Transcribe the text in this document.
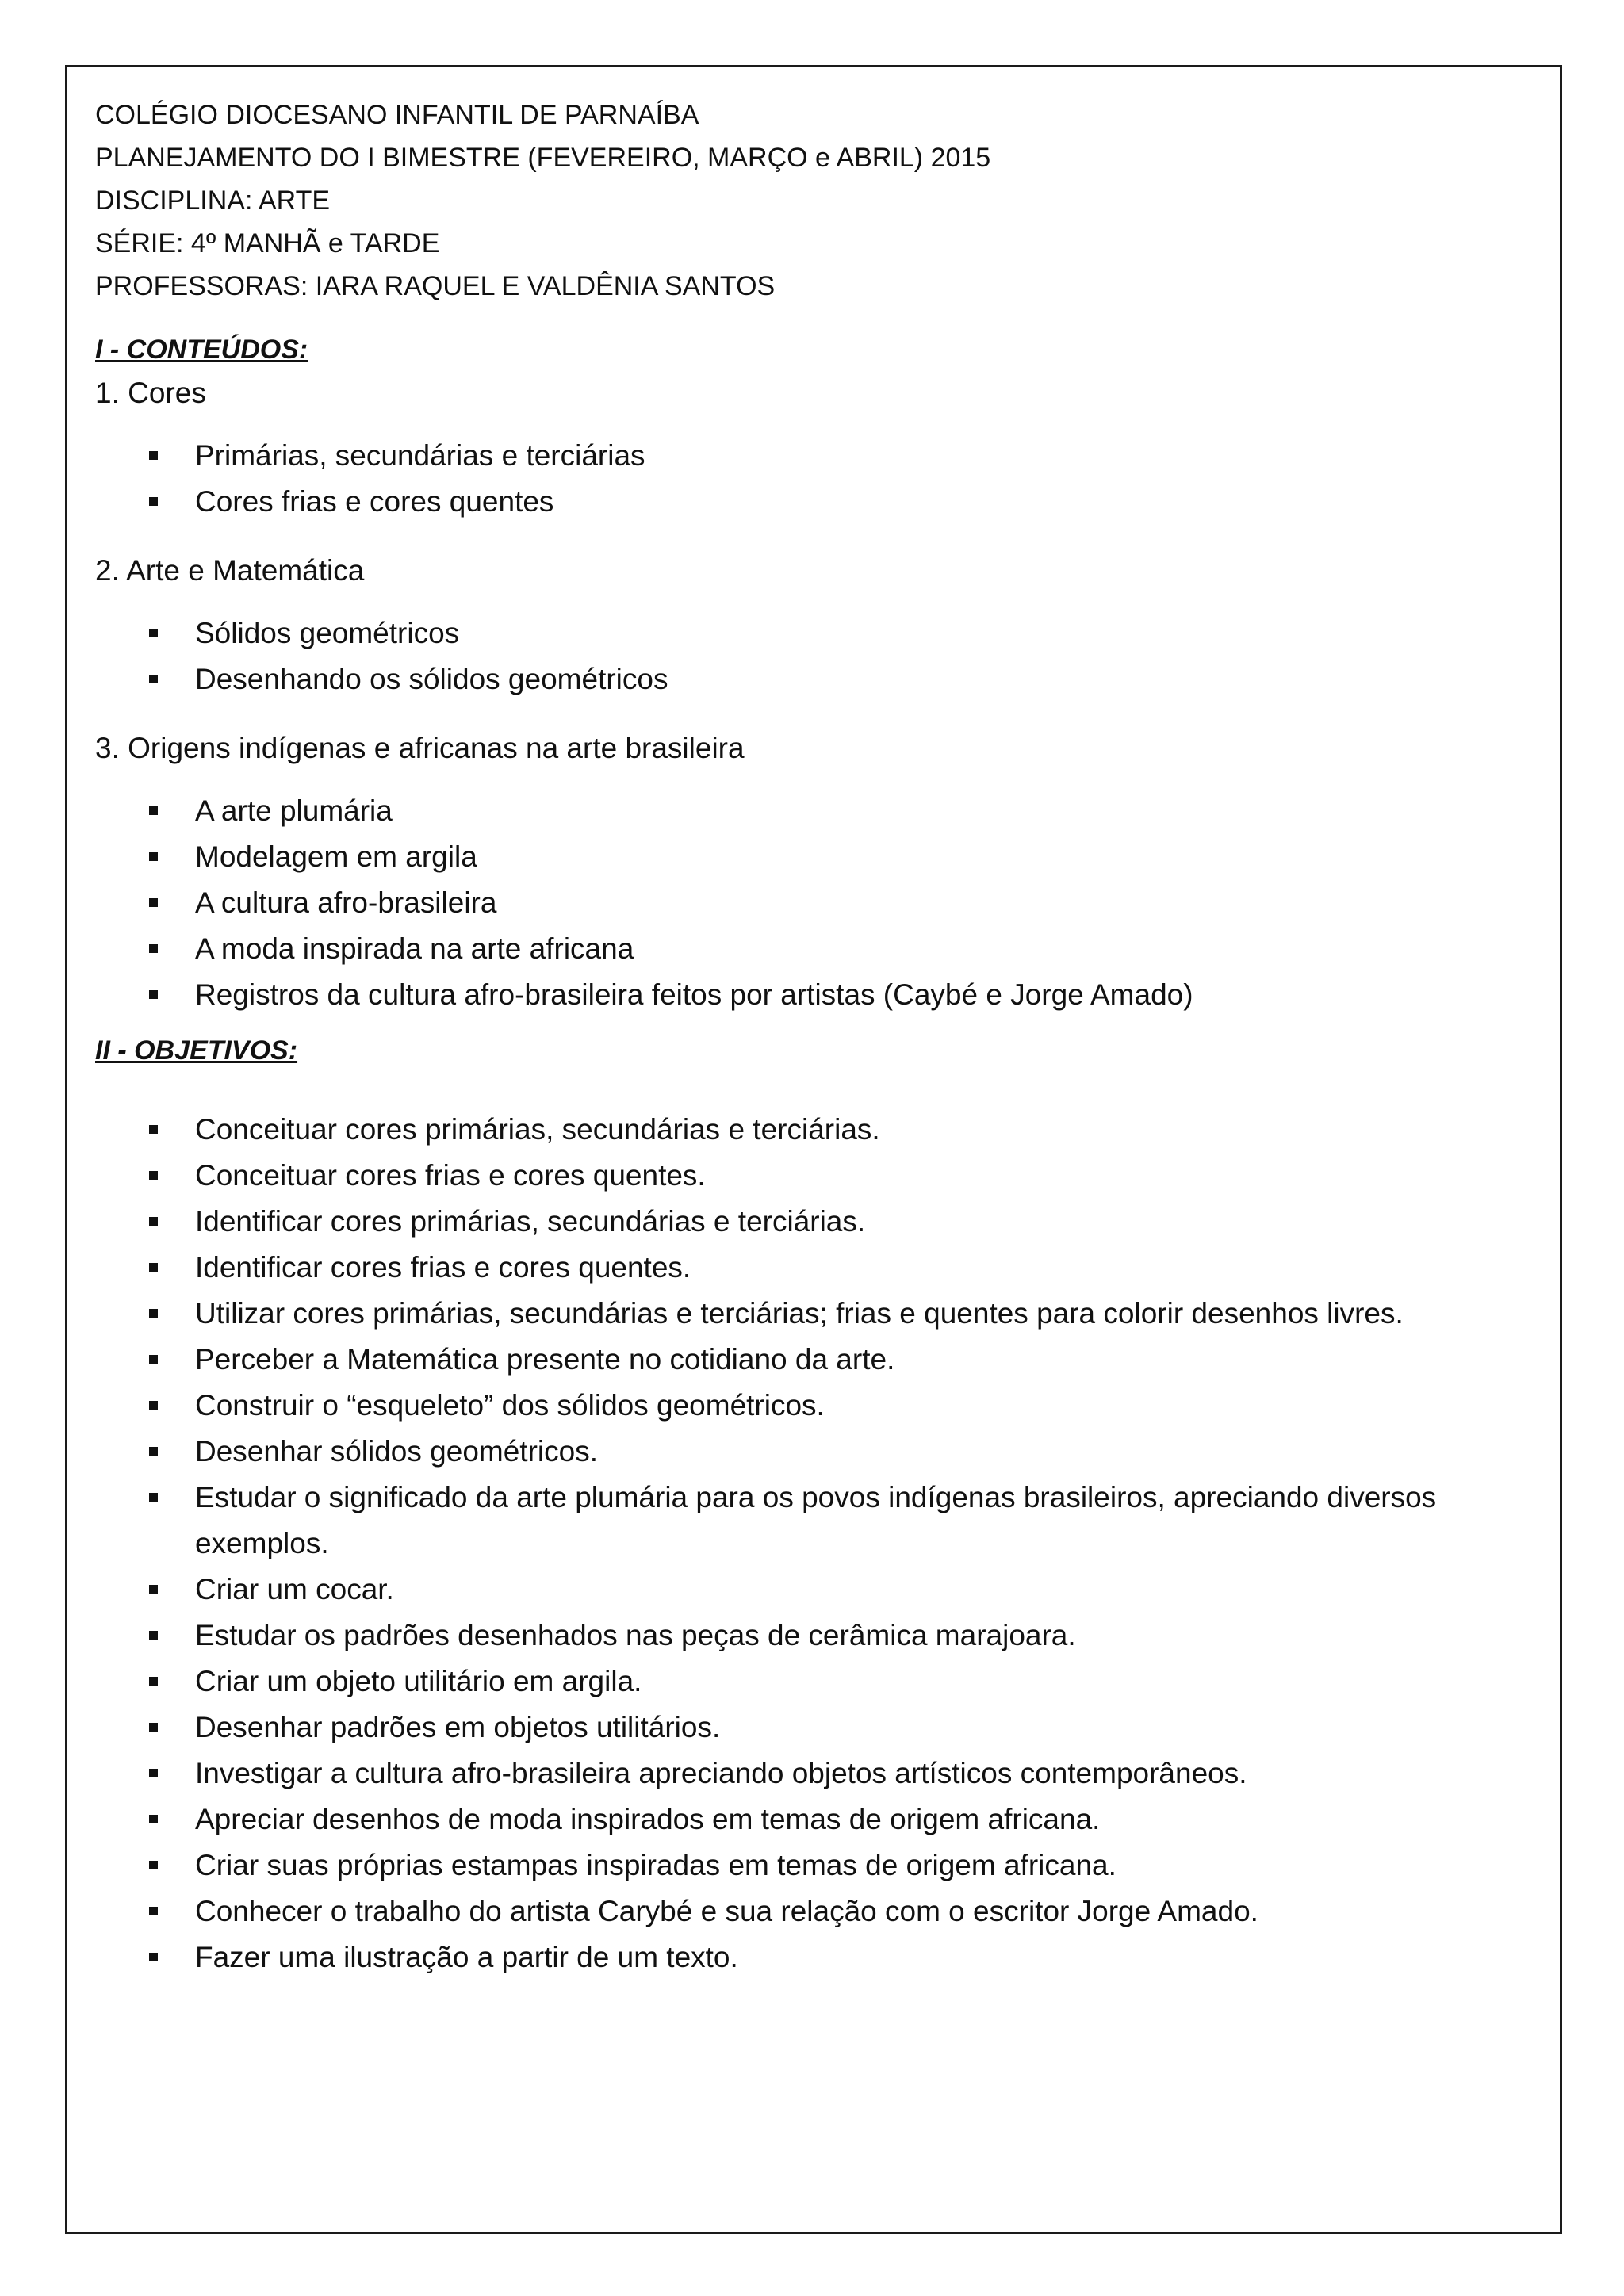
COLÉGIO DIOCESANO INFANTIL DE PARNAÍBA

PLANEJAMENTO DO I BIMESTRE (FEVEREIRO, MARÇO e ABRIL) 2015

DISCIPLINA: ARTE

SÉRIE: 4º MANHÃ e TARDE

PROFESSORAS: IARA RAQUEL E VALDÊNIA SANTOS

I - CONTEÚDOS:

1. Cores

Primárias, secundárias e terciárias
Cores frias e cores quentes

2. Arte e Matemática

Sólidos geométricos
Desenhando os sólidos geométricos

3. Origens indígenas e africanas na arte brasileira

A arte plumária
Modelagem em argila
A cultura afro-brasileira
A moda inspirada na arte africana
Registros da cultura afro-brasileira feitos por artistas (Caybé e Jorge Amado)

II - OBJETIVOS:

Conceituar cores primárias, secundárias e terciárias.
Conceituar cores frias e cores quentes.
Identificar cores primárias, secundárias e terciárias.
Identificar cores frias e cores quentes.
Utilizar cores primárias, secundárias e terciárias; frias e quentes para colorir desenhos livres.
Perceber a Matemática presente no cotidiano da arte.
Construir o “esqueleto” dos sólidos geométricos.
Desenhar sólidos geométricos.
Estudar o significado da arte plumária para os povos indígenas brasileiros, apreciando diversos exemplos.
Criar um cocar.
Estudar os padrões desenhados nas peças de cerâmica marajoara.
Criar um objeto utilitário em argila.
Desenhar padrões em objetos utilitários.
Investigar a cultura afro-brasileira apreciando objetos artísticos contemporâneos.
Apreciar desenhos de moda inspirados em temas de origem africana.
Criar suas próprias estampas inspiradas em temas de origem africana.
Conhecer o trabalho do artista Carybé e sua relação com o escritor Jorge Amado.
Fazer uma ilustração a partir de um texto.
